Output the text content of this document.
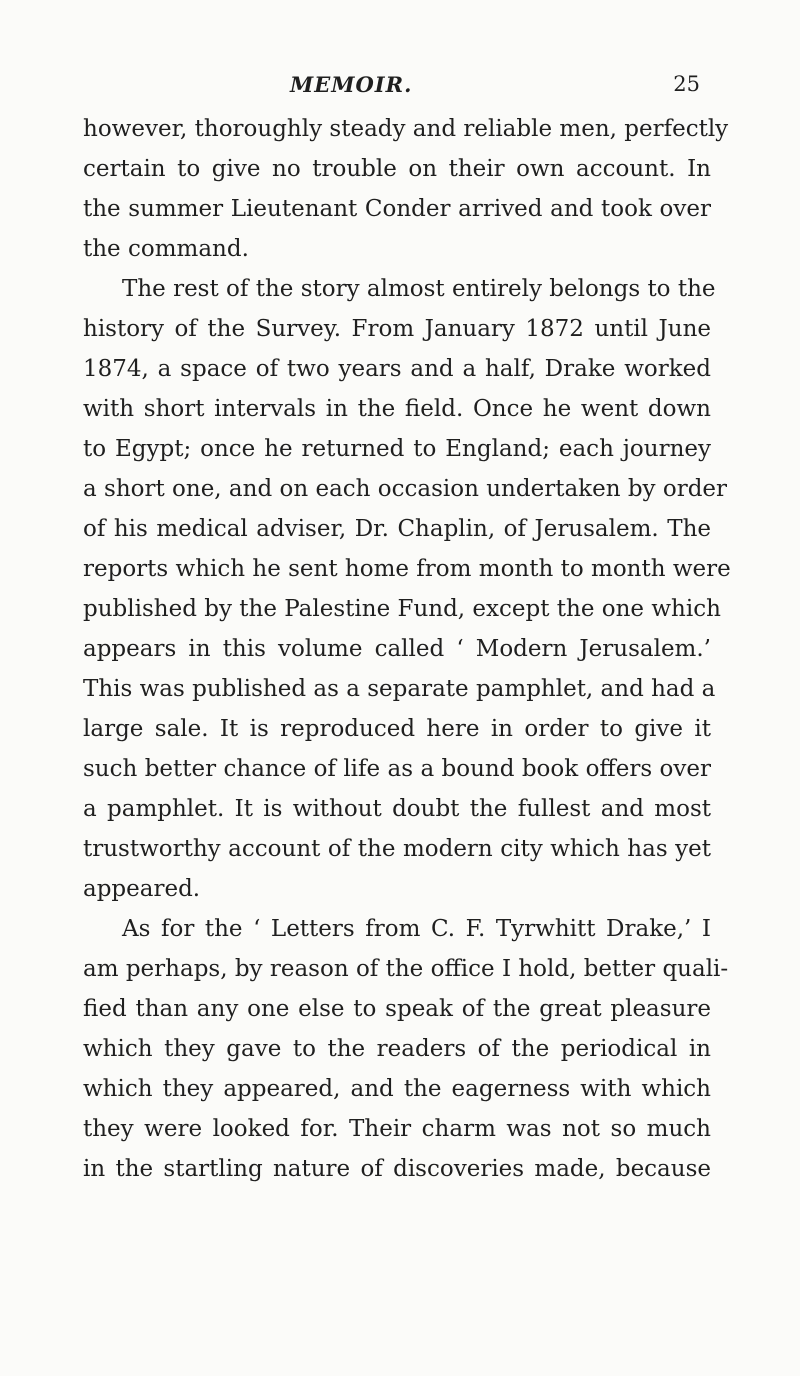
MEMOIR.	25
however, thoroughly steady and reliable men, perfectly
certain to give no trouble on their own account. In
the summer Lieutenant Conder arrived and took over
the command.
The rest of the story almost entirely belongs to the
history of the Survey. From January 1872 until June
1874, a space of two years and a half, Drake worked
with short intervals in the field. Once he went down
to Egypt; once he returned to England; each journey
a short one, and on each occasion undertaken by order
of his medical adviser, Dr. Chaplin, of Jerusalem. The
reports which he sent home from month to month were
published by the Palestine Fund, except the one which
appears in this volume called ‘ Modern Jerusalem.’
This was published as a separate pamphlet, and had a
large sale. It is reproduced here in order to give it
such better chance of life as a bound book offers over
a pamphlet. It is without doubt the fullest and most
trustworthy account of the modern city which has yet
appeared.
As for the ‘ Letters from C. F. Tyrwhitt Drake,’ I
am perhaps, by reason of the office I hold, better quali-
fied than any one else to speak of the great pleasure
which they gave to the readers of the periodical in
which they appeared, and the eagerness with which
they were looked for. Their charm was not so much
in the startling nature of discoveries made, because
